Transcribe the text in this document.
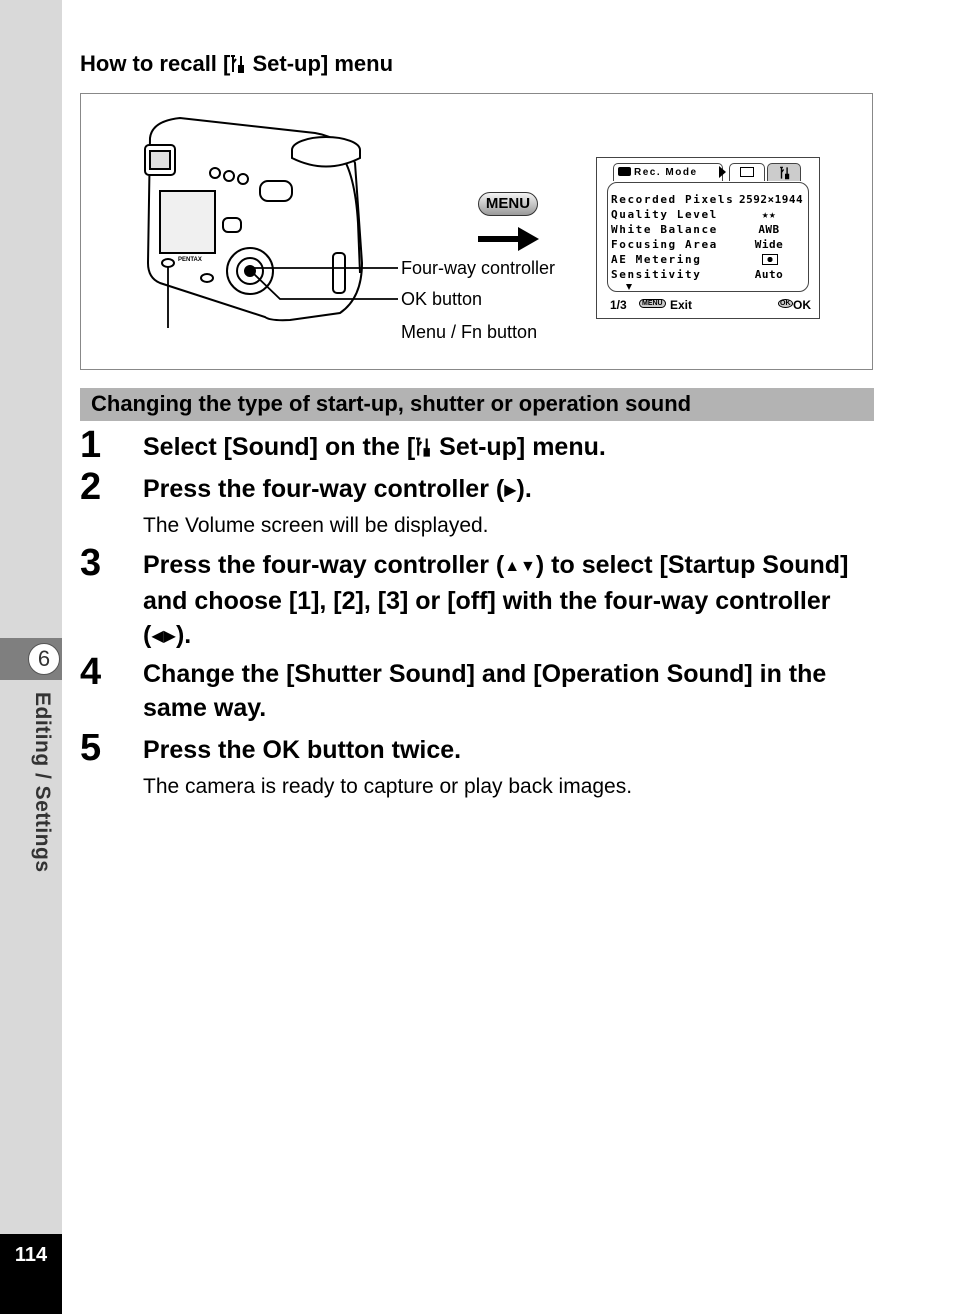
6
Editing / Settings
114
How to recall [ Set-up] menu
PENTAX	Four-way controller
OK button
Menu / Fn button
MENU
Rec. Mode
Recorded Pixels 2592×1944
Quality Level	★★
White Balance	AWB
Focusing Area	Wide
AE Metering
Sensitivity	Auto
1/3	MENU Exit	OK OK
Changing the type of start-up, shutter or operation sound
1 Select [Sound] on the [ Set-up] menu.
2 Press the four-way controller (▶).
The Volume screen will be displayed.
3 Press the four-way controller (▲▼) to select [Startup Sound] and choose [1], [2], [3] or [off] with the four-way controller (◀▶).
4 Change the [Shutter Sound] and [Operation Sound] in the same way.
5 Press the OK button twice.
The camera is ready to capture or play back images.
